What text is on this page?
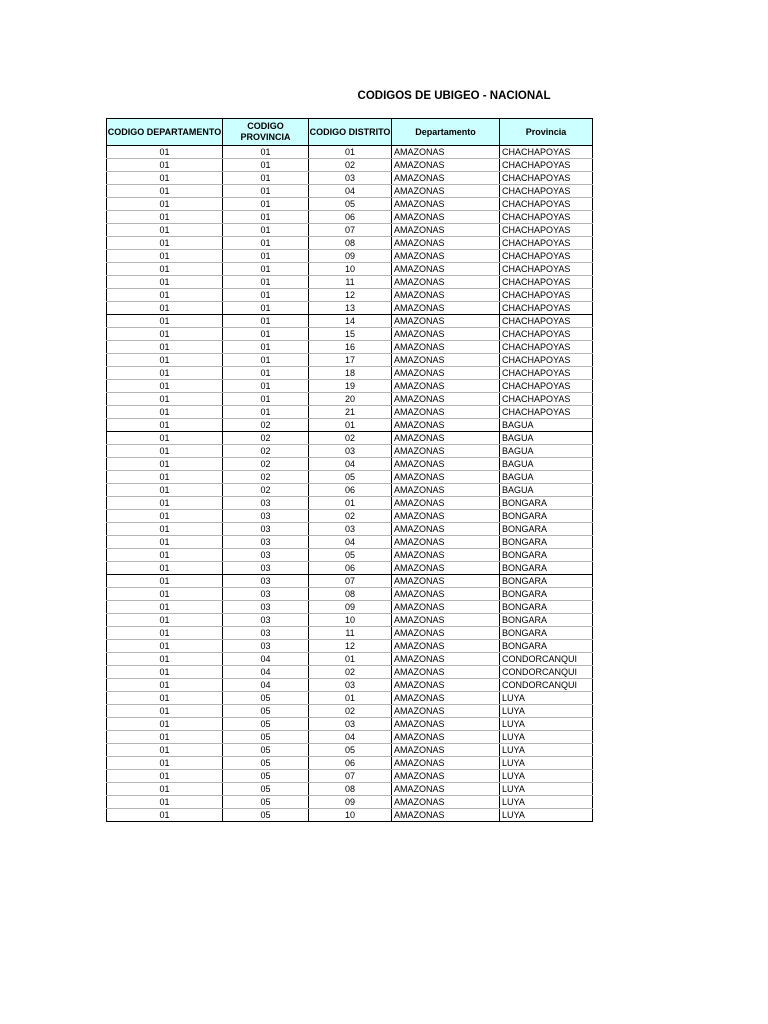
CODIGOS DE UBIGEO - NACIONAL
CODIGO DEPARTAMENTO	CODIGO PROVINCIA	CODIGO DISTRITO	Departamento	Provincia
01	01	01	AMAZONAS	CHACHAPOYAS
01	01	02	AMAZONAS	CHACHAPOYAS
01	01	03	AMAZONAS	CHACHAPOYAS
01	01	04	AMAZONAS	CHACHAPOYAS
01	01	05	AMAZONAS	CHACHAPOYAS
01	01	06	AMAZONAS	CHACHAPOYAS
01	01	07	AMAZONAS	CHACHAPOYAS
01	01	08	AMAZONAS	CHACHAPOYAS
01	01	09	AMAZONAS	CHACHAPOYAS
01	01	10	AMAZONAS	CHACHAPOYAS
01	01	11	AMAZONAS	CHACHAPOYAS
01	01	12	AMAZONAS	CHACHAPOYAS
01	01	13	AMAZONAS	CHACHAPOYAS
01	01	14	AMAZONAS	CHACHAPOYAS
01	01	15	AMAZONAS	CHACHAPOYAS
01	01	16	AMAZONAS	CHACHAPOYAS
01	01	17	AMAZONAS	CHACHAPOYAS
01	01	18	AMAZONAS	CHACHAPOYAS
01	01	19	AMAZONAS	CHACHAPOYAS
01	01	20	AMAZONAS	CHACHAPOYAS
01	01	21	AMAZONAS	CHACHAPOYAS
01	02	01	AMAZONAS	BAGUA
01	02	02	AMAZONAS	BAGUA
01	02	03	AMAZONAS	BAGUA
01	02	04	AMAZONAS	BAGUA
01	02	05	AMAZONAS	BAGUA
01	02	06	AMAZONAS	BAGUA
01	03	01	AMAZONAS	BONGARA
01	03	02	AMAZONAS	BONGARA
01	03	03	AMAZONAS	BONGARA
01	03	04	AMAZONAS	BONGARA
01	03	05	AMAZONAS	BONGARA
01	03	06	AMAZONAS	BONGARA
01	03	07	AMAZONAS	BONGARA
01	03	08	AMAZONAS	BONGARA
01	03	09	AMAZONAS	BONGARA
01	03	10	AMAZONAS	BONGARA
01	03	11	AMAZONAS	BONGARA
01	03	12	AMAZONAS	BONGARA
01	04	01	AMAZONAS	CONDORCANQUI
01	04	02	AMAZONAS	CONDORCANQUI
01	04	03	AMAZONAS	CONDORCANQUI
01	05	01	AMAZONAS	LUYA
01	05	02	AMAZONAS	LUYA
01	05	03	AMAZONAS	LUYA
01	05	04	AMAZONAS	LUYA
01	05	05	AMAZONAS	LUYA
01	05	06	AMAZONAS	LUYA
01	05	07	AMAZONAS	LUYA
01	05	08	AMAZONAS	LUYA
01	05	09	AMAZONAS	LUYA
01	05	10	AMAZONAS	LUYA
